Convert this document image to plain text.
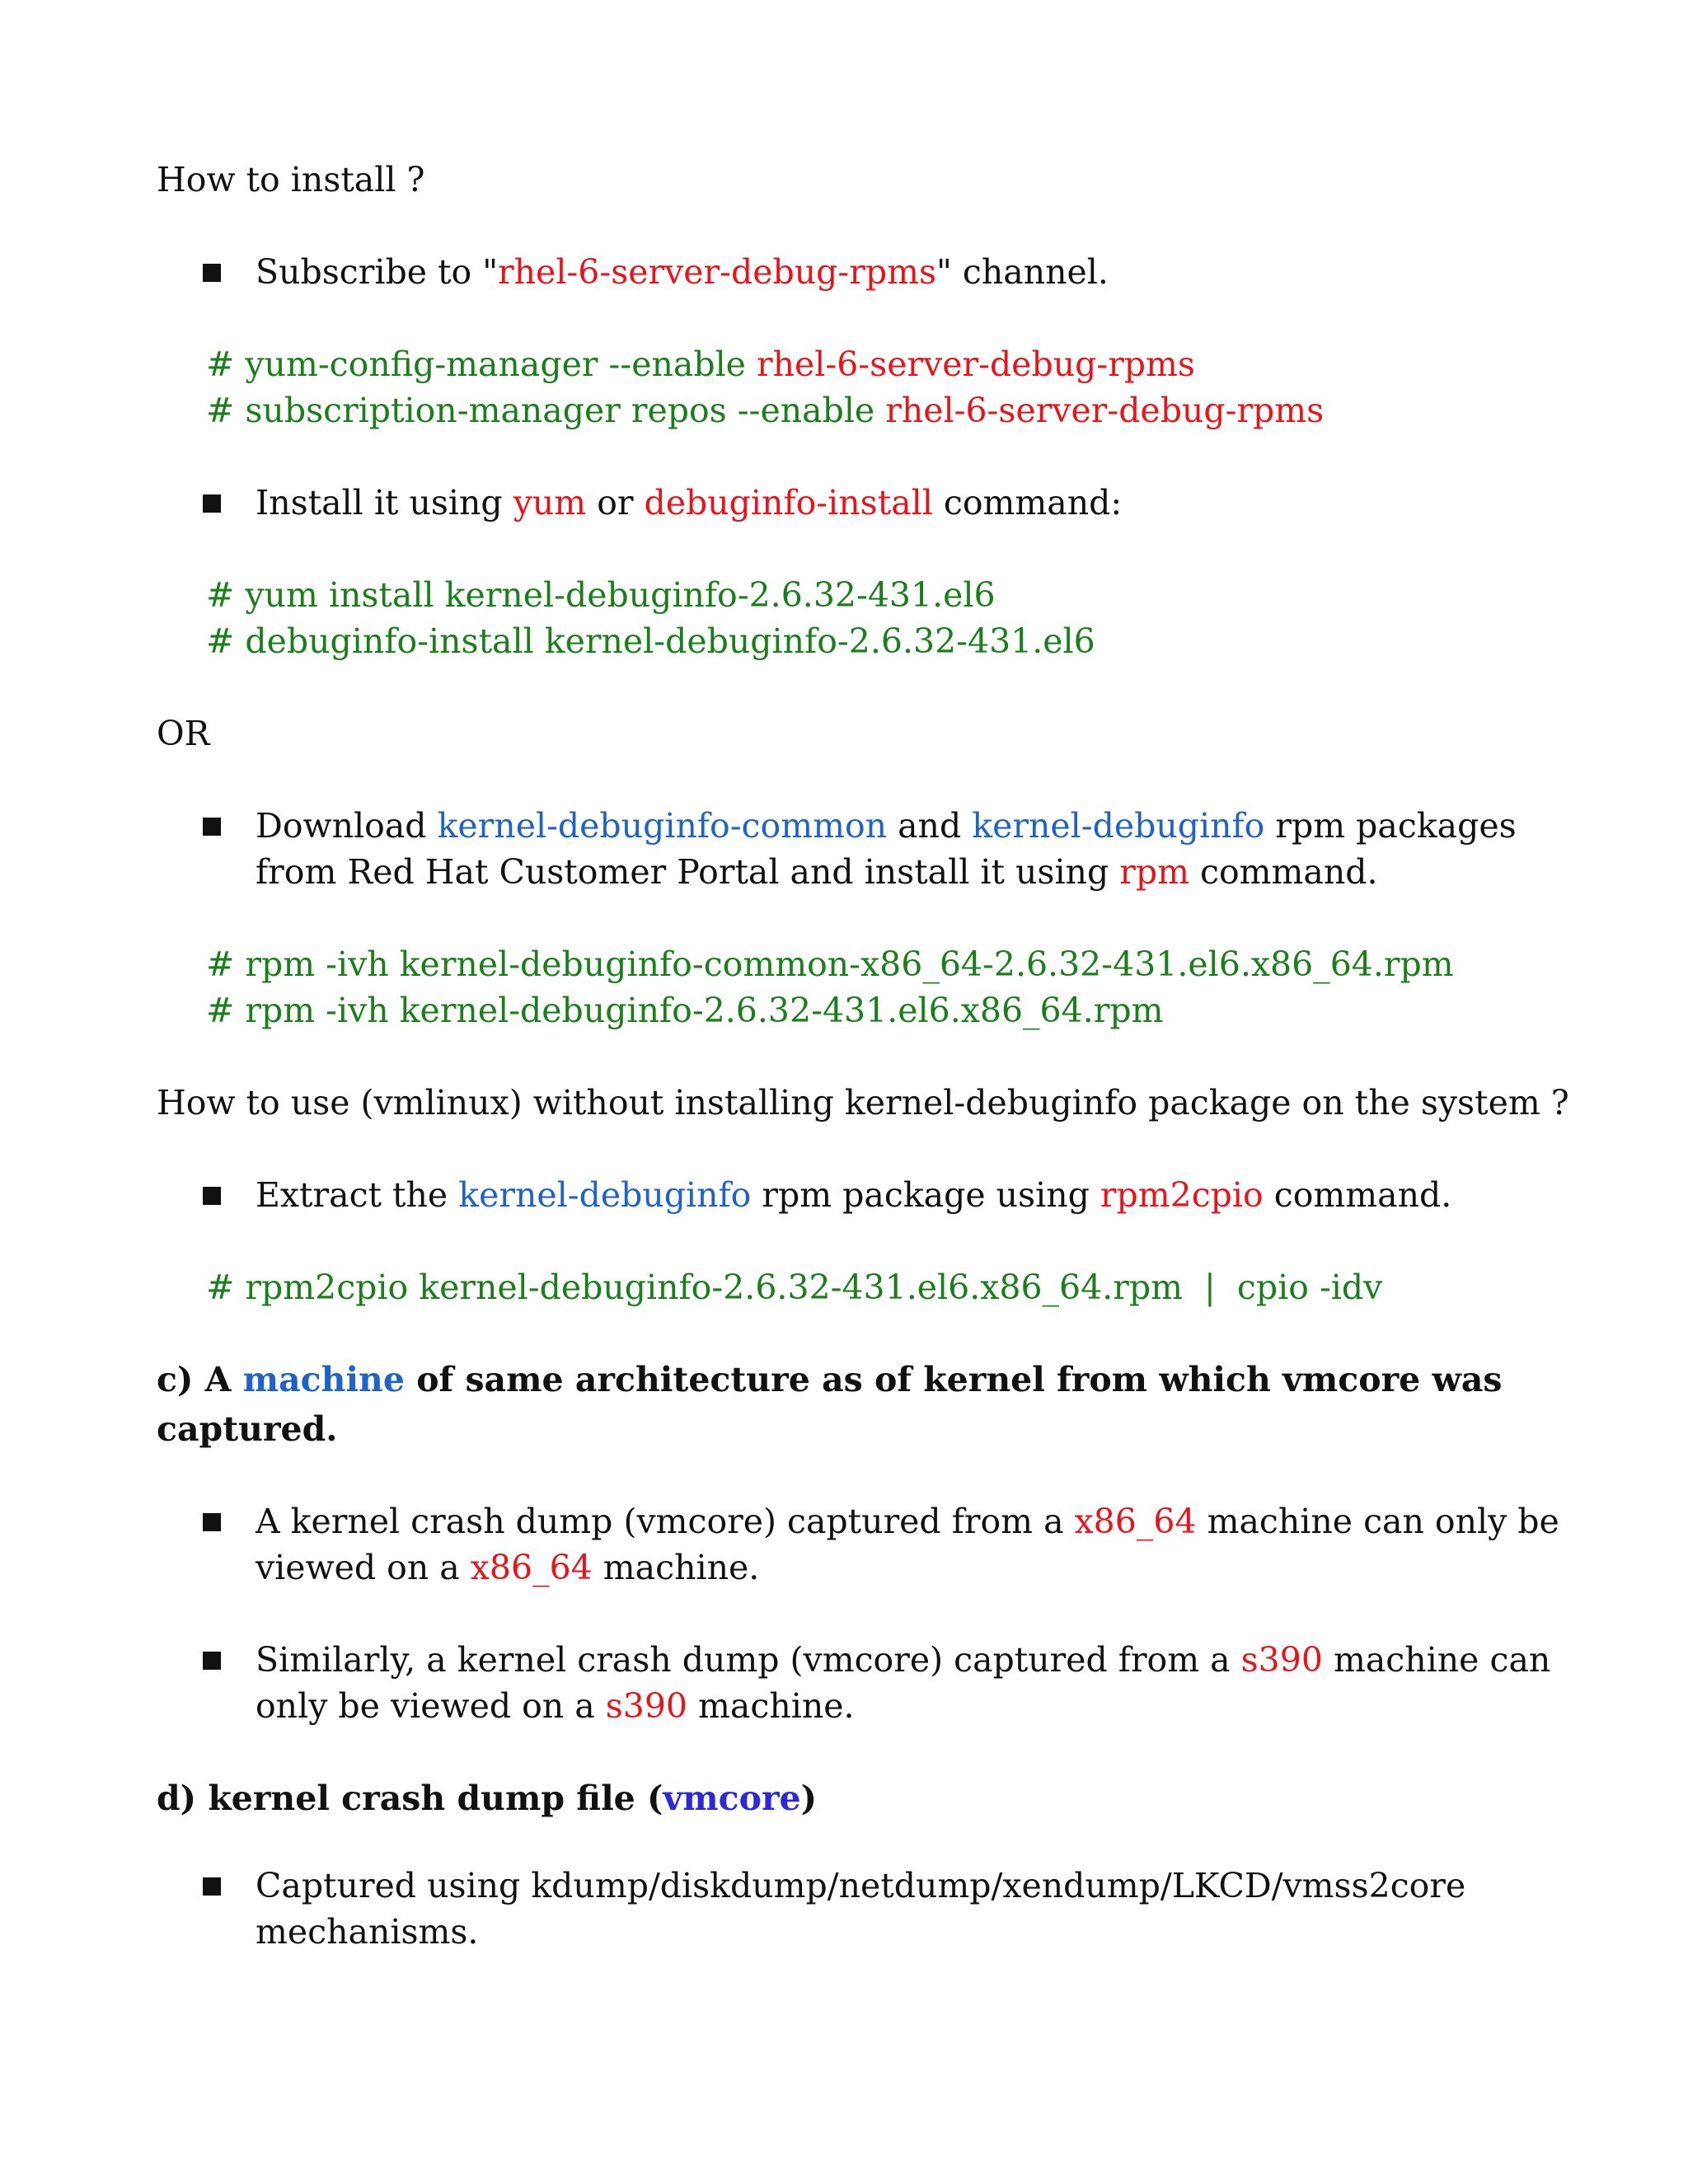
How to install ?
Subscribe to "rhel-6-server-debug-rpms" channel.
# yum-config-manager --enable rhel-6-server-debug-rpms
# subscription-manager repos --enable rhel-6-server-debug-rpms
Install it using yum or debuginfo-install command:
# yum install kernel-debuginfo-2.6.32-431.el6
# debuginfo-install kernel-debuginfo-2.6.32-431.el6
OR
Download kernel-debuginfo-common and kernel-debuginfo rpm packages
from Red Hat Customer Portal and install it using rpm command.
# rpm -ivh kernel-debuginfo-common-x86_64-2.6.32-431.el6.x86_64.rpm
# rpm -ivh kernel-debuginfo-2.6.32-431.el6.x86_64.rpm
How to use (vmlinux) without installing kernel-debuginfo package on the system ?
Extract the kernel-debuginfo rpm package using rpm2cpio command.
# rpm2cpio kernel-debuginfo-2.6.32-431.el6.x86_64.rpm  |  cpio -idv
c) A machine of same architecture as of kernel from which vmcore was
captured.
A kernel crash dump (vmcore) captured from a x86_64 machine can only be
viewed on a x86_64 machine.
Similarly, a kernel crash dump (vmcore) captured from a s390 machine can
only be viewed on a s390 machine.
d) kernel crash dump file (vmcore)
Captured using kdump/diskdump/netdump/xendump/LKCD/vmss2core
mechanisms.
